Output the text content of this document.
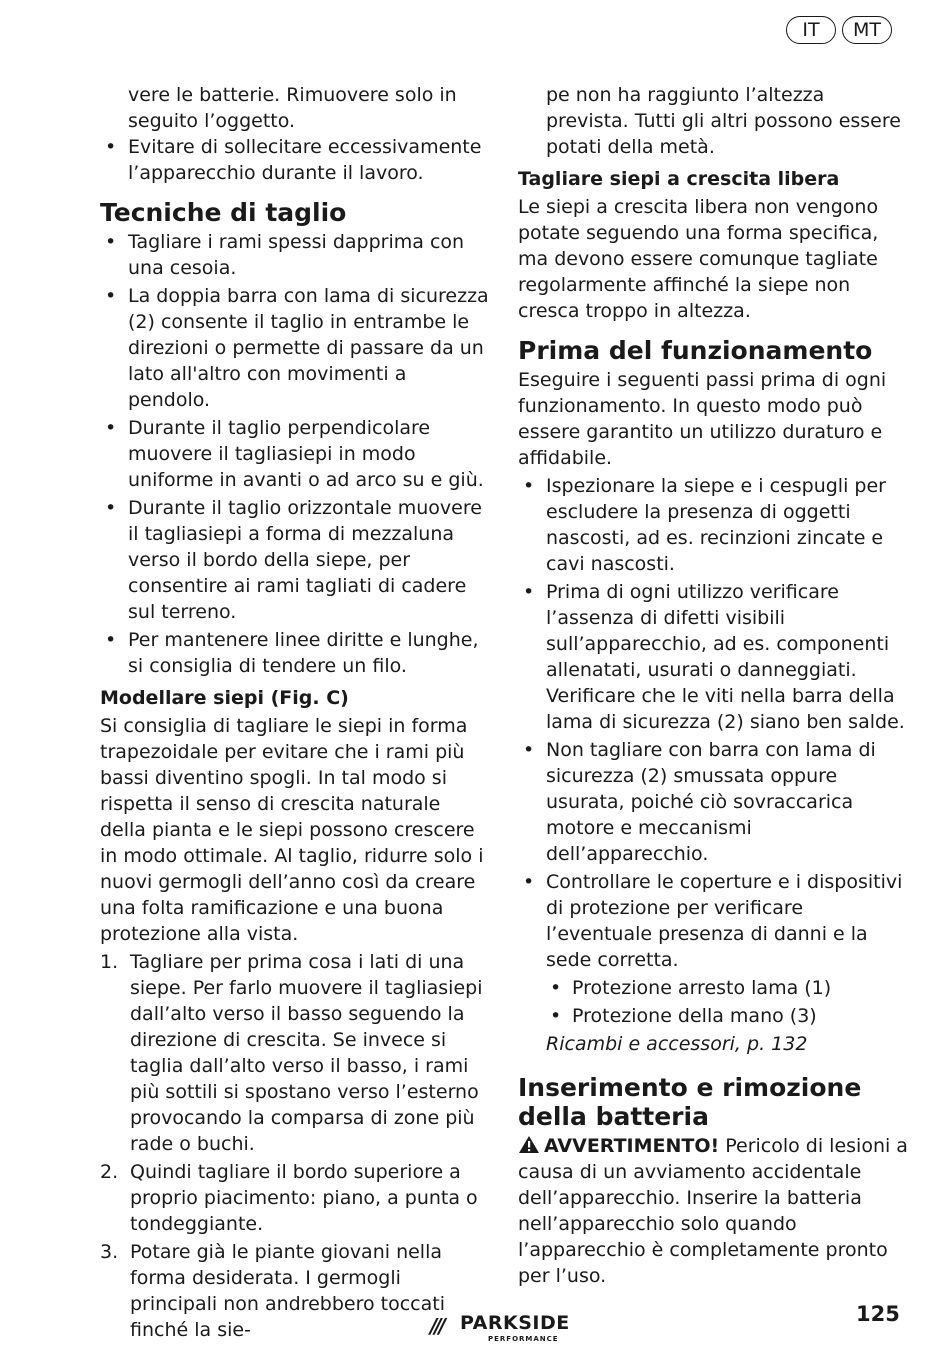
IT	MT

vere le batterie. Rimuovere solo in seguito l’oggetto.

• Evitare di sollecitare eccessivamente l’apparecchio durante il lavoro.
Tecniche di taglio
• Tagliare i rami spessi dapprima con una cesoia.
• La doppia barra con lama di sicurezza (2) consente il taglio in entrambe le direzioni o permette di passare da un lato all'altro con movimenti a pendolo.
• Durante il taglio perpendicolare muovere il tagliasiepi in modo uniforme in avanti o ad arco su e giù.
• Durante il taglio orizzontale muovere il tagliasiepi a forma di mezzaluna verso il bordo della siepe, per consentire ai rami tagliati di cadere sul terreno.
• Per mantenere linee diritte e lunghe, si consiglia di tendere un filo.
Modellare siepi (Fig. C)

Si consiglia di tagliare le siepi in forma trapezoidale per evitare che i rami più bassi diventino spogli. In tal modo si rispetta il senso di crescita naturale della pianta e le siepi possono crescere in modo ottimale. Al taglio, ridurre solo i nuovi germogli dell’anno così da creare una folta ramificazione e una buona protezione alla vista.

1. Tagliare per prima cosa i lati di una siepe. Per farlo muovere il tagliasiepi dall’alto verso il basso seguendo la direzione di crescita. Se invece si taglia dall’alto verso il basso, i rami più sottili si spostano verso l’esterno provocando la comparsa di zone più rade o buchi.
2. Quindi tagliare il bordo superiore a proprio piacimento: piano, a punta o tondeggiante.
3. Potare già le piante giovani nella forma desiderata. I germogli principali non andrebbero toccati finché la sie-

pe non ha raggiunto l’altezza prevista. Tutti gli altri possono essere potati della metà.

Tagliare siepi a crescita libera

Le siepi a crescita libera non vengono potate seguendo una forma specifica, ma devono essere comunque tagliate regolarmente affinché la siepe non cresca troppo in altezza.

Prima del funzionamento

Eseguire i seguenti passi prima di ogni funzionamento. In questo modo può essere garantito un utilizzo duraturo e affidabile.

• Ispezionare la siepe e i cespugli per escludere la presenza di oggetti nascosti, ad es. recinzioni zincate e cavi nascosti.
• Prima di ogni utilizzo verificare l’assenza di difetti visibili sull’apparecchio, ad es. componenti allenatati, usurati o danneggiati. Verificare che le viti nella barra della lama di sicurezza (2) siano ben salde.
• Non tagliare con barra con lama di sicurezza (2) smussata oppure usurata, poiché ciò sovraccarica motore e meccanismi dell’apparecchio.
• Controllare le coperture e i dispositivi di protezione per verificare l’eventuale presenza di danni e la sede corretta.
• Protezione arresto lama (1)
• Protezione della mano (3)

Ricambi e accessori, p. 132

Inserimento e rimozione della batteria

AVVERTIMENTO! Pericolo di lesioni a causa di un avviamento accidentale dell’apparecchio. Inserire la batteria nell’apparecchio solo quando l’apparecchio è completamente pronto per l’uso.

/// PARKSIDE
PERFORMANCE
125
